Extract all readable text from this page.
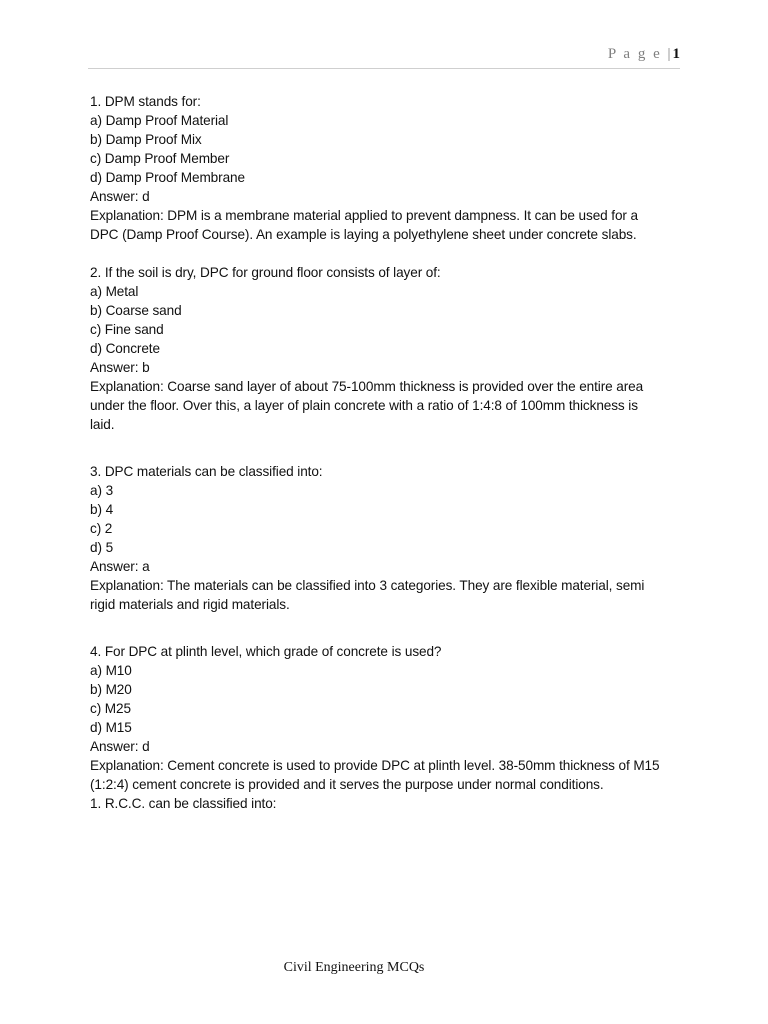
P a g e |1
1. DPM stands for:
a) Damp Proof Material
b) Damp Proof Mix
c) Damp Proof Member
d) Damp Proof Membrane
Answer: d
Explanation: DPM is a membrane material applied to prevent dampness. It can be used for a
DPC (Damp Proof Course). An example is laying a polyethylene sheet under concrete slabs.
2. If the soil is dry, DPC for ground floor consists of layer of:
a) Metal
b) Coarse sand
c) Fine sand
d) Concrete
Answer: b
Explanation: Coarse sand layer of about 75-100mm thickness is provided over the entire area
under the floor. Over this, a layer of plain concrete with a ratio of 1:4:8 of 100mm thickness is
laid.
3. DPC materials can be classified into:
a) 3
b) 4
c) 2
d) 5
Answer: a
Explanation: The materials can be classified into 3 categories. They are flexible material, semi
rigid materials and rigid materials.
4. For DPC at plinth level, which grade of concrete is used?
a) M10
b) M20
c) M25
d) M15
Answer: d
Explanation: Cement concrete is used to provide DPC at plinth level. 38-50mm thickness of M15
(1:2:4) cement concrete is provided and it serves the purpose under normal conditions.
1. R.C.C. can be classified into:
Civil Engineering MCQs
